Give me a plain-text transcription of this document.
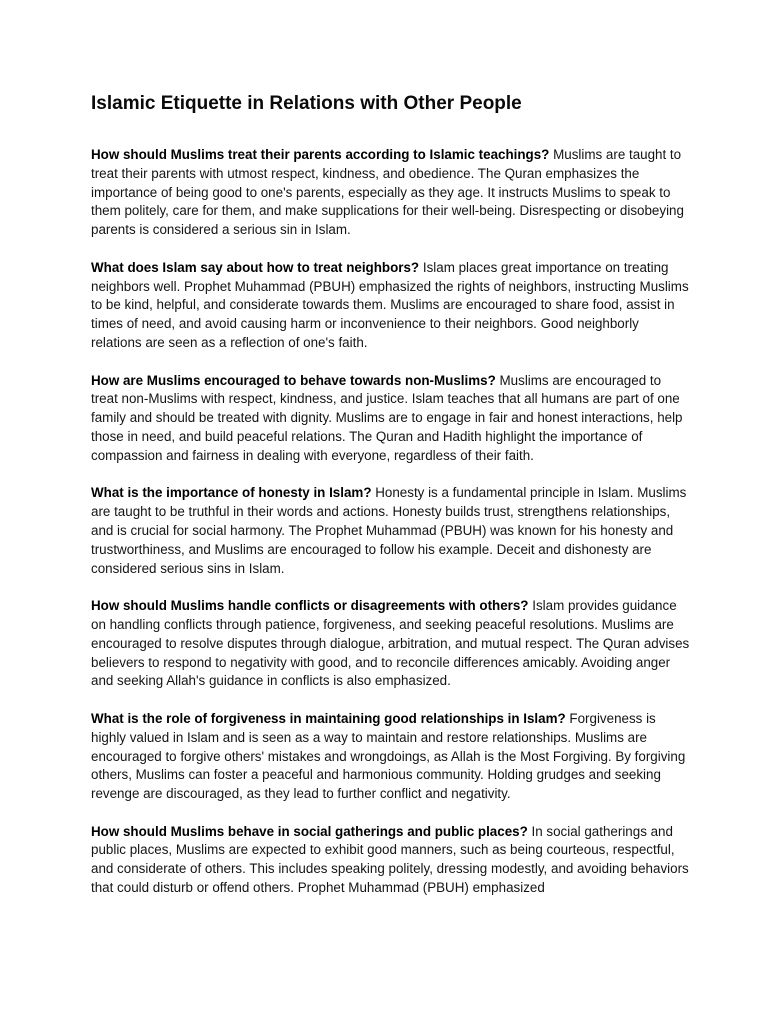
Islamic Etiquette in Relations with Other People

How should Muslims treat their parents according to Islamic teachings? Muslims are taught to treat their parents with utmost respect, kindness, and obedience. The Quran emphasizes the importance of being good to one's parents, especially as they age. It instructs Muslims to speak to them politely, care for them, and make supplications for their well-being. Disrespecting or disobeying parents is considered a serious sin in Islam.

What does Islam say about how to treat neighbors? Islam places great importance on treating neighbors well. Prophet Muhammad (PBUH) emphasized the rights of neighbors, instructing Muslims to be kind, helpful, and considerate towards them. Muslims are encouraged to share food, assist in times of need, and avoid causing harm or inconvenience to their neighbors. Good neighborly relations are seen as a reflection of one's faith.

How are Muslims encouraged to behave towards non-Muslims? Muslims are encouraged to treat non-Muslims with respect, kindness, and justice. Islam teaches that all humans are part of one family and should be treated with dignity. Muslims are to engage in fair and honest interactions, help those in need, and build peaceful relations. The Quran and Hadith highlight the importance of compassion and fairness in dealing with everyone, regardless of their faith.

What is the importance of honesty in Islam? Honesty is a fundamental principle in Islam. Muslims are taught to be truthful in their words and actions. Honesty builds trust, strengthens relationships, and is crucial for social harmony. The Prophet Muhammad (PBUH) was known for his honesty and trustworthiness, and Muslims are encouraged to follow his example. Deceit and dishonesty are considered serious sins in Islam.

How should Muslims handle conflicts or disagreements with others? Islam provides guidance on handling conflicts through patience, forgiveness, and seeking peaceful resolutions. Muslims are encouraged to resolve disputes through dialogue, arbitration, and mutual respect. The Quran advises believers to respond to negativity with good, and to reconcile differences amicably. Avoiding anger and seeking Allah's guidance in conflicts is also emphasized.

What is the role of forgiveness in maintaining good relationships in Islam? Forgiveness is highly valued in Islam and is seen as a way to maintain and restore relationships. Muslims are encouraged to forgive others' mistakes and wrongdoings, as Allah is the Most Forgiving. By forgiving others, Muslims can foster a peaceful and harmonious community. Holding grudges and seeking revenge are discouraged, as they lead to further conflict and negativity.

How should Muslims behave in social gatherings and public places? In social gatherings and public places, Muslims are expected to exhibit good manners, such as being courteous, respectful, and considerate of others. This includes speaking politely, dressing modestly, and avoiding behaviors that could disturb or offend others. Prophet Muhammad (PBUH) emphasized
